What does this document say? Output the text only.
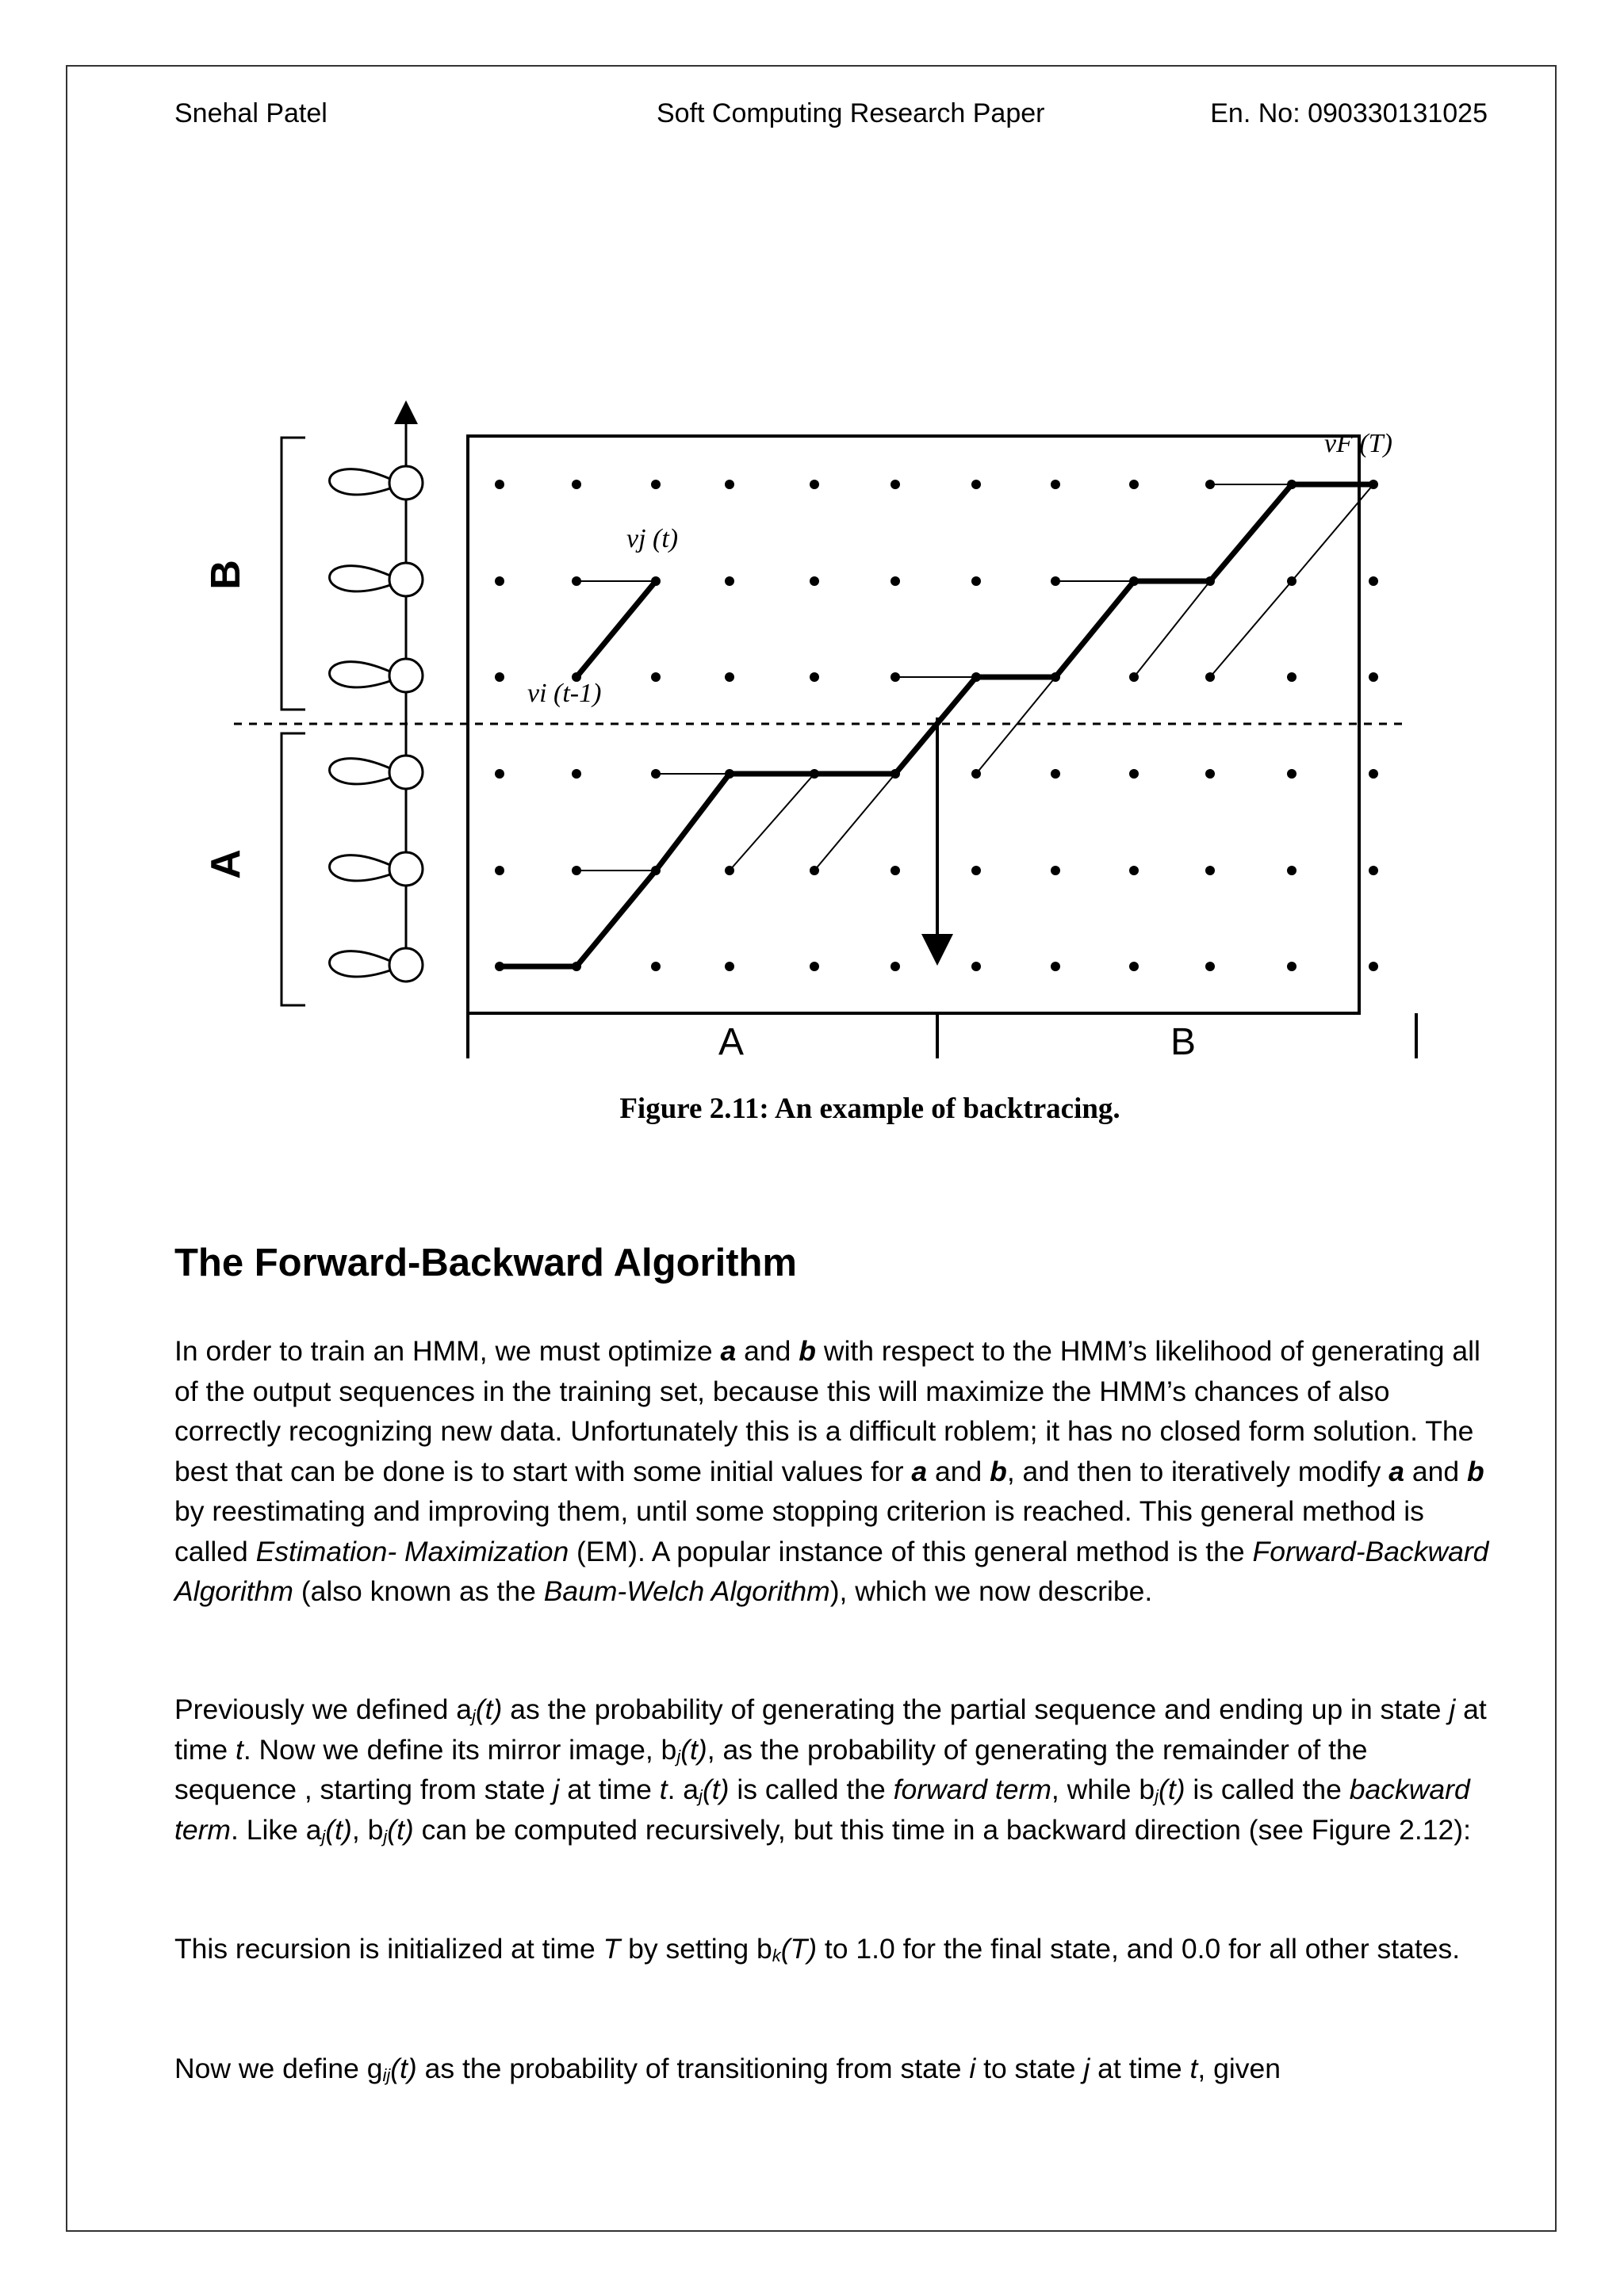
Snehal Patel	Soft Computing Research Paper	En. No: 090330131025
A	B
B
A
vj (t)
vi (t-1)
vF (T)
Figure 2.11: An example of backtracing.
The Forward-Backward Algorithm

In order to train an HMM, we must optimize a and b with respect to the HMM’s likelihood of generating all of the output sequences in the training set, because this will maximize the HMM’s chances of also correctly recognizing new data. Unfortunately this is a difficult roblem; it has no closed form solution. The best that can be done is to start with some initial values for a and b, and then to iteratively modify a and b by reestimating and improving them, until some stopping criterion is reached. This general method is called Estimation- Maximization (EM). A popular instance of this general method is the Forward-Backward Algorithm (also known as the Baum-Welch Algorithm), which we now describe.

Previously we defined $a_j(t)$ as the probability of generating the partial sequence and ending up in state j at time t. Now we define its mirror image, $b_j(t)$, as the probability of generating the remainder of the sequence , starting from state j at time t. $a_j(t)$ is called the forward term, while $b_j(t)$ is called the backward term. Like $a_j(t)$, $b_j(t)$ can be computed recursively, but this time in a backward direction (see Figure 2.12):

This recursion is initialized at time T by setting $b_k(T)$ to 1.0 for the final state, and 0.0 for all other states.

Now we define $g_{ij}(t)$ as the probability of transitioning from state i to state j at time t, given
